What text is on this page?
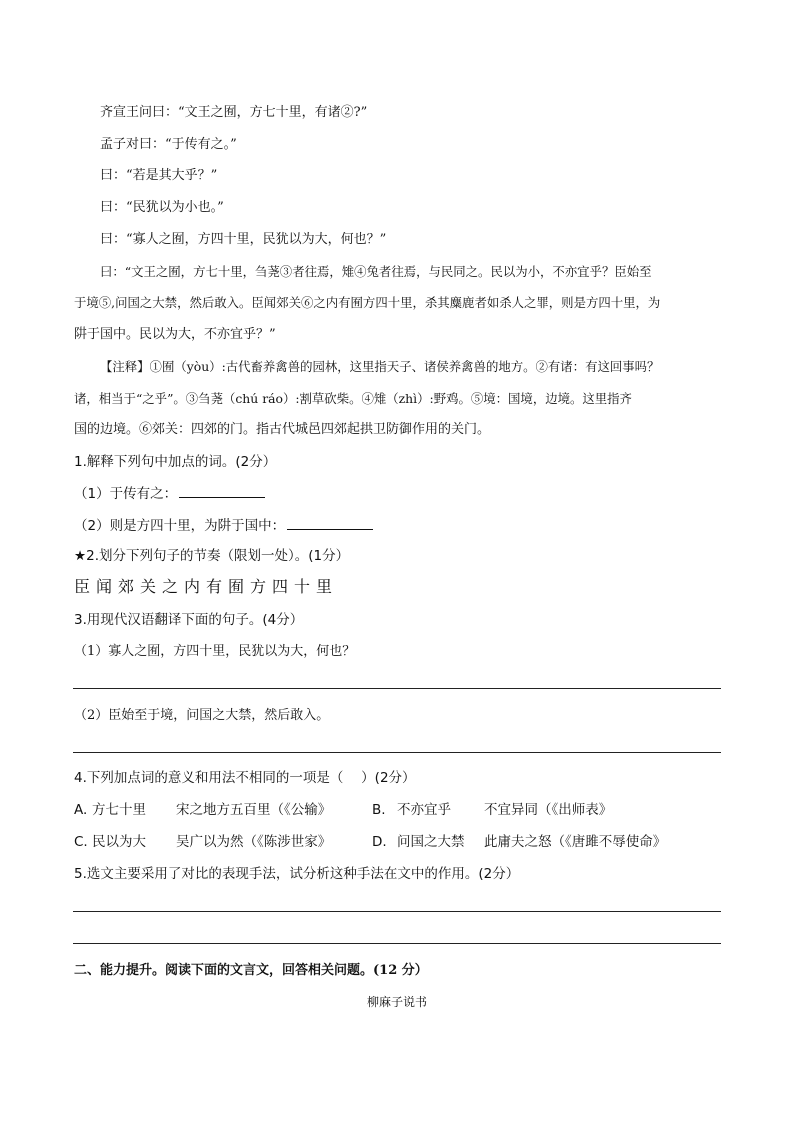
齐宣王问曰：“文王之囿，方七十里，有诸②?”
孟子对曰：“于传有之。”
曰：“若是其大乎？”
曰：“民犹以为小也。”
曰：“寡人之囿，方四十里，民犹以为大，何也？”
曰：“文王之囿，方七十里，刍荛③者往焉，雉④兔者往焉，与民同之。民以为小，不亦宜乎？臣始至
于境⑤,问国之大禁，然后敢入。臣闻郊关⑥之内有囿方四十里，杀其麋鹿者如杀人之罪，则是方四十里，为
阱于国中。民以为大，不亦宜乎？”
【注释】①囿（yòu）:古代畜养禽兽的园林，这里指天子、诸侯养禽兽的地方。②有诸：有这回事吗？
诸，相当于“之乎”。③刍荛（chú ráo）:割草砍柴。④雉（zhì）:野鸡。⑤境：国境，边境。这里指齐
国的边境。⑥郊关：四郊的门。指古代城邑四郊起拱卫防御作用的关门。
1.解释下列句中加点的词。(2分）
（1）于传有之：
（2）则是方四十里，为阱于国中：
★2.划分下列句子的节奏（限划一处）。(1分）
臣闻郊关之内有囿方四十里
3.用现代汉语翻译下面的句子。(4分）
（1）寡人之囿，方四十里，民犹以为大，何也？
（2）臣始至于境，问国之大禁，然后敢入。
4.下列加点词的意义和用法不相同的一项是（　 ）(2分）
A. 方七十里 宋之地方五百里（《公输》	B. 不亦宜乎 不宜异同（《出师表》
C. 民以为大 吴广以为然（《陈涉世家》	D. 问国之大禁 此庸夫之怒（《唐雎不辱使命》
5.选文主要采用了对比的表现手法，试分析这种手法在文中的作用。(2分）
二、能力提升。阅读下面的文言文，回答相关问题。(12 分）
柳麻子说书
